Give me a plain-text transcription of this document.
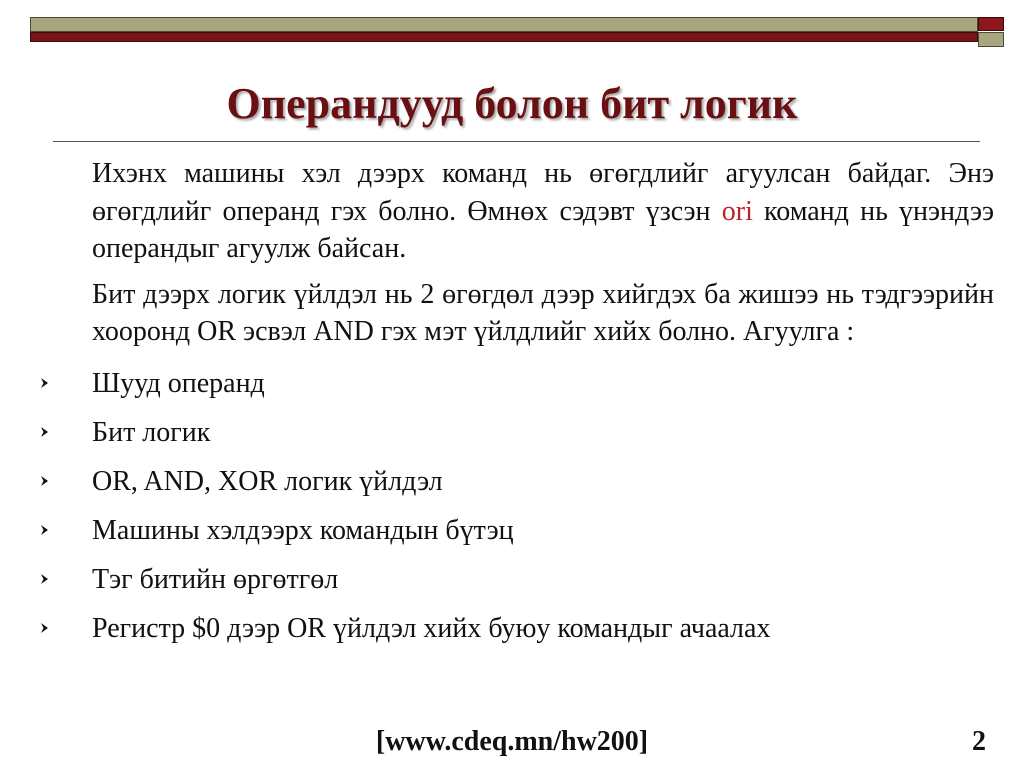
Операндууд болон бит логик

Ихэнх машины хэл дээрх команд нь өгөгдлийг агуулсан байдаг. Энэ өгөгдлийг операнд гэх болно. Өмнөх сэдэвт үзсэн ori команд нь үнэндээ операндыг агуулж байсан.

Бит дээрх логик үйлдэл нь 2 өгөгдөл дээр хийгдэх ба жишээ нь тэдгээрийн хооронд OR эсвэл AND гэх мэт үйлдлийг хийх болно. Агуулга :

Шууд операнд
Бит логик
OR, AND, XOR логик үйлдэл
Машины хэлдээрх командын бүтэц
Тэг битийн өргөтгөл
Регистр $0 дээр OR үйлдэл хийх буюу командыг ачаалах
[www.cdeq.mn/hw200]	2
